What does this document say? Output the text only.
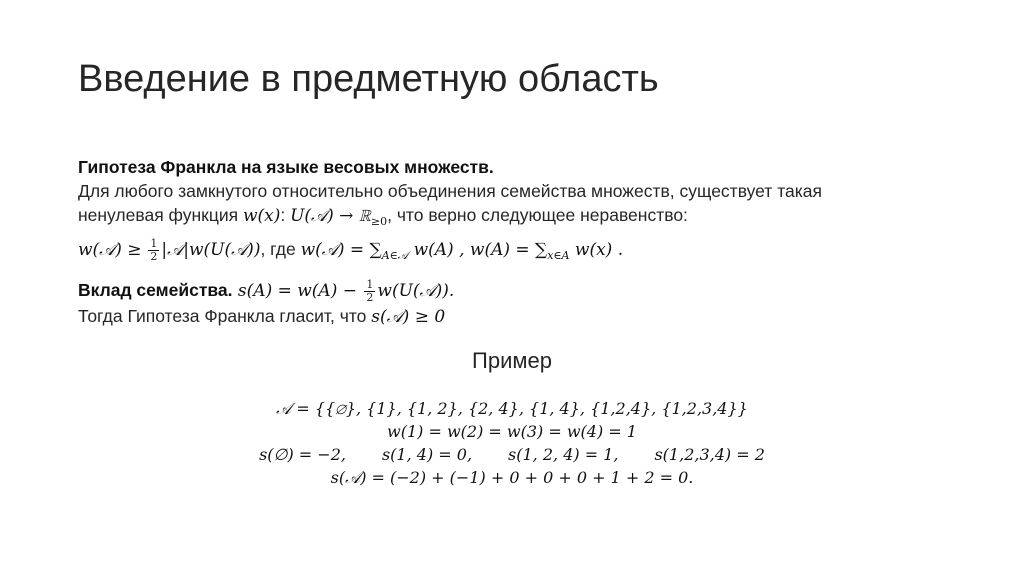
Введение в предметную область
Гипотеза Франкла на языке весовых множеств.
Для любого замкнутого относительно объединения семейства множеств, существует такая
ненулевая функция w(x): U(𝒜) → ℝ$_{\ge 0}$, что верно следующее неравенство:
w(𝒜) ≥ $\frac{1}{2}$ |𝒜|w(U(𝒜)), где w(𝒜) = $\sum_{A\in 𝒜}$ w(A) , $w(A) = \sum_{x\in A}$ w(x) .
Вклад семейства. $s(A) = w(A) - \frac{1}{2}$ w(U(𝒜)).
Тогда Гипотеза Франкла гласит, что s(𝒜) ≥ 0
Пример
𝒜 = {{∅}, {1}, {1, 2}, {2, 4}, {1, 4}, {1,2,4}, {1,2,3,4}}
w(1) = w(2) = w(3) = w(4) = 1
s(∅) = −2, s(1, 4) = 0, s(1, 2, 4) = 1, s(1,2,3,4) = 2
s(𝒜) = (−2) + (−1) + 0 + 0 + 0 + 1 + 2 = 0.
